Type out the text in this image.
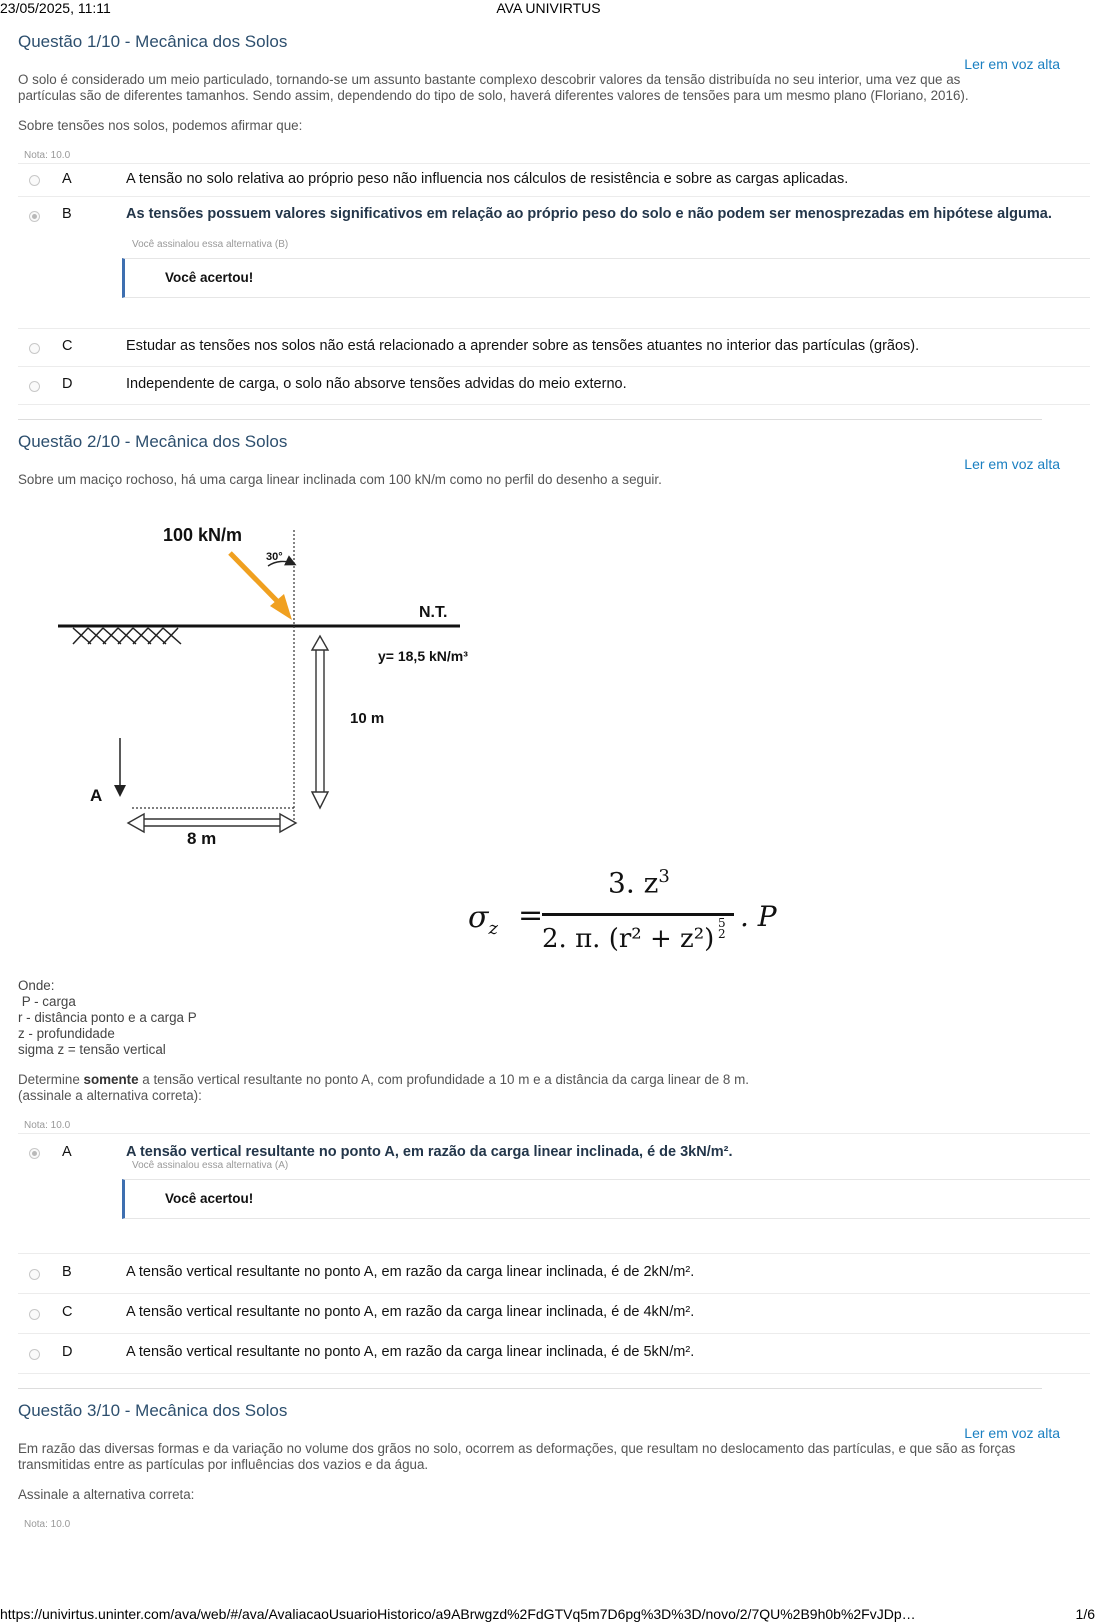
23/05/2025, 11:11	AVA UNIVIRTUS
Questão 1/10 - Mecânica dos Solos
Ler em voz alta
O solo é considerado um meio particulado, tornando-se um assunto bastante complexo descobrir valores da tensão distribuída no seu interior, uma vez que as partículas são de diferentes tamanhos. Sendo assim, dependendo do tipo de solo, haverá diferentes valores de tensões para um mesmo plano (Floriano, 2016).
Sobre tensões nos solos, podemos afirmar que:
Nota: 10.0
A	A tensão no solo relativa ao próprio peso não influencia nos cálculos de resistência e sobre as cargas aplicadas.
B	As tensões possuem valores significativos em relação ao próprio peso do solo e não podem ser menosprezadas em hipótese alguma.
Você assinalou essa alternativa (B)
Você acertou!
C	Estudar as tensões nos solos não está relacionado a aprender sobre as tensões atuantes no interior das partículas (grãos).
D	Independente de carga, o solo não absorve tensões advidas do meio externo.
Questão 2/10 - Mecânica dos Solos
Ler em voz alta
Sobre um maciço rochoso, há uma carga linear inclinada com 100 kN/m como no perfil do desenho a seguir.
100 kN/m
30°
N.T.
y= 18,5 kN/m³
10 m
A
8 m
$\sigma_z$ =
3. $z^3$
2. π. (r² + z²)
5
2
. P
Onde:
P - carga
r - distância ponto e a carga P
z - profundidade
sigma z = tensão vertical
Determine somente a tensão vertical resultante no ponto A, com profundidade a 10 m e a distância da carga linear de 8 m.
(assinale a alternativa correta):
Nota: 10.0
A	A tensão vertical resultante no ponto A, em razão da carga linear inclinada, é de 3kN/m².
Você assinalou essa alternativa (A)
Você acertou!
B	A tensão vertical resultante no ponto A, em razão da carga linear inclinada, é de 2kN/m².
C	A tensão vertical resultante no ponto A, em razão da carga linear inclinada, é de 4kN/m².
D	A tensão vertical resultante no ponto A, em razão da carga linear inclinada, é de 5kN/m².
Questão 3/10 - Mecânica dos Solos
Ler em voz alta
Em razão das diversas formas e da variação no volume dos grãos no solo, ocorrem as deformações, que resultam no deslocamento das partículas, e que são as forças transmitidas entre as partículas por influências dos vazios e da água.
Assinale a alternativa correta:
Nota: 10.0
https://univirtus.uninter.com/ava/web/#/ava/AvaliacaoUsuarioHistorico/a9ABrwgzd%2FdGTVq5m7D6pg%3D%3D/novo/2/7QU%2B9h0b%2FvJDp…	1/6
